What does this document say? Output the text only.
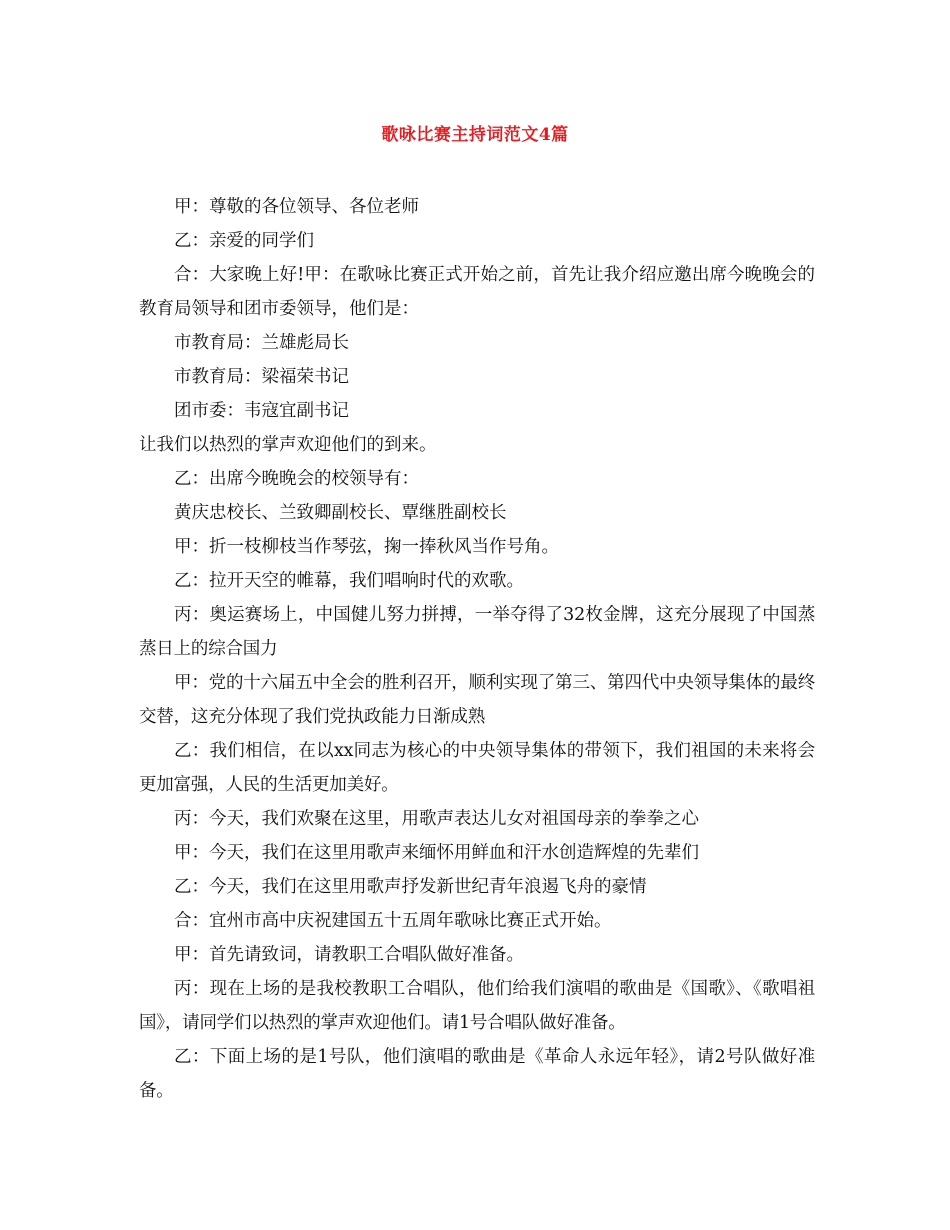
歌咏比赛主持词范文4篇

甲：尊敬的各位领导、各位老师

乙：亲爱的同学们

合：大家晚上好!甲：在歌咏比赛正式开始之前，首先让我介绍应邀出席今晚晚会的教育局领导和团市委领导，他们是：

市教育局：兰雄彪局长

市教育局：梁福荣书记

团市委：韦寇宜副书记

让我们以热烈的掌声欢迎他们的到来。

乙：出席今晚晚会的校领导有：

黄庆忠校长、兰致卿副校长、覃继胜副校长

甲：折一枝柳枝当作琴弦，掬一捧秋风当作号角。

乙：拉开天空的帷幕，我们唱响时代的欢歌。

丙：奥运赛场上，中国健儿努力拼搏，一举夺得了32枚金牌，这充分展现了中国蒸蒸日上的综合国力

甲：党的十六届五中全会的胜利召开，顺利实现了第三、第四代中央领导集体的最终交替，这充分体现了我们党执政能力日渐成熟

乙：我们相信，在以xx同志为核心的中央领导集体的带领下，我们祖国的未来将会更加富强，人民的生活更加美好。

丙：今天，我们欢聚在这里，用歌声表达儿女对祖国母亲的拳拳之心

甲：今天，我们在这里用歌声来缅怀用鲜血和汗水创造辉煌的先辈们

乙：今天，我们在这里用歌声抒发新世纪青年浪遏飞舟的豪情

合：宜州市高中庆祝建国五十五周年歌咏比赛正式开始。

甲：首先请致词，请教职工合唱队做好准备。

丙：现在上场的是我校教职工合唱队，他们给我们演唱的歌曲是《国歌》、《歌唱祖国》，请同学们以热烈的掌声欢迎他们。请1号合唱队做好准备。

乙：下面上场的是1号队，他们演唱的歌曲是《革命人永远年轻》，请2号队做好准备。
